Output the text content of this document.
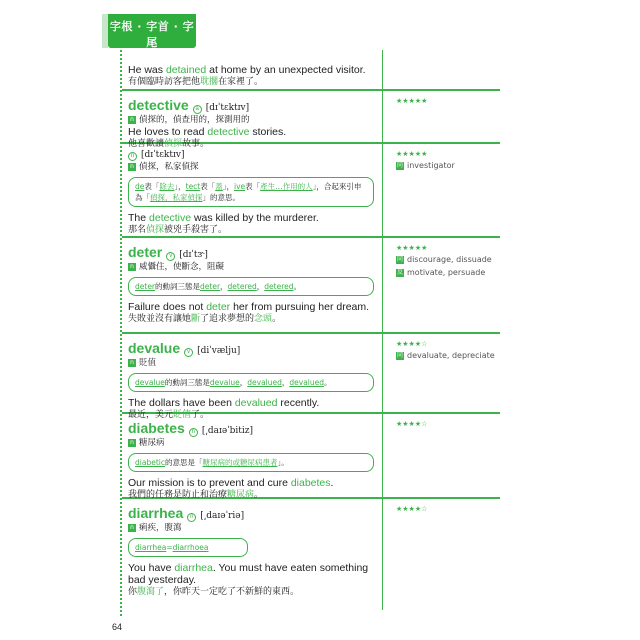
字根 · 字首 · 字尾
NEW TOEIC 必考單字
He was detained at home by an unexpected visitor.
有個臨時訪客把他耽擱在家裡了。
detective	a [dɪˈtɛktɪv]
n 偵探的，偵查用的，探測用的
He loves to read detective stories.
他喜歡讀偵探故事。
★★★★★
n [dɪˈtɛktɪv]
n 偵探，私家偵探
de表「除去」，tect表「蓋」，ive表「產生…作用的人」，合起來引申為「偵探，私家偵探」的意思。
The detective was killed by the murderer.
那名偵探被兇手殺害了。
★★★★★
同 investigator
deter	v [dɪˈtɝ]
n 威懾住，使斷念，阻礙
deter的動詞三態是deter，detered，detered。
Failure does not deter her from pursuing her dream.
失敗並沒有讓她斷了追求夢想的念頭。
★★★★★
同 discourage, dissuade
反 motivate, persuade
devalue	v [diˈvælju]
n 貶值
devalue的動詞三態是devalue，devalued，devalued。
The dollars have been devalued recently.
最近，美元貶值了。
★★★★☆
同 devaluate, depreciate
diabetes	n [͵daɪəˈbitiz]
n 糖尿病
diabetic的意思是「糖尿病的或糖尿病患者」。
Our mission is to prevent and cure diabetes.
我們的任務是防止和治療糖尿病。
★★★★☆
diarrhea	n [͵daɪəˈriə]
n 痢疾，腹瀉
diarrhea=diarrhoea
You have diarrhea. You must have eaten something bad yesterday.
你腹瀉了，你昨天一定吃了不新鮮的東西。
★★★★☆
64
